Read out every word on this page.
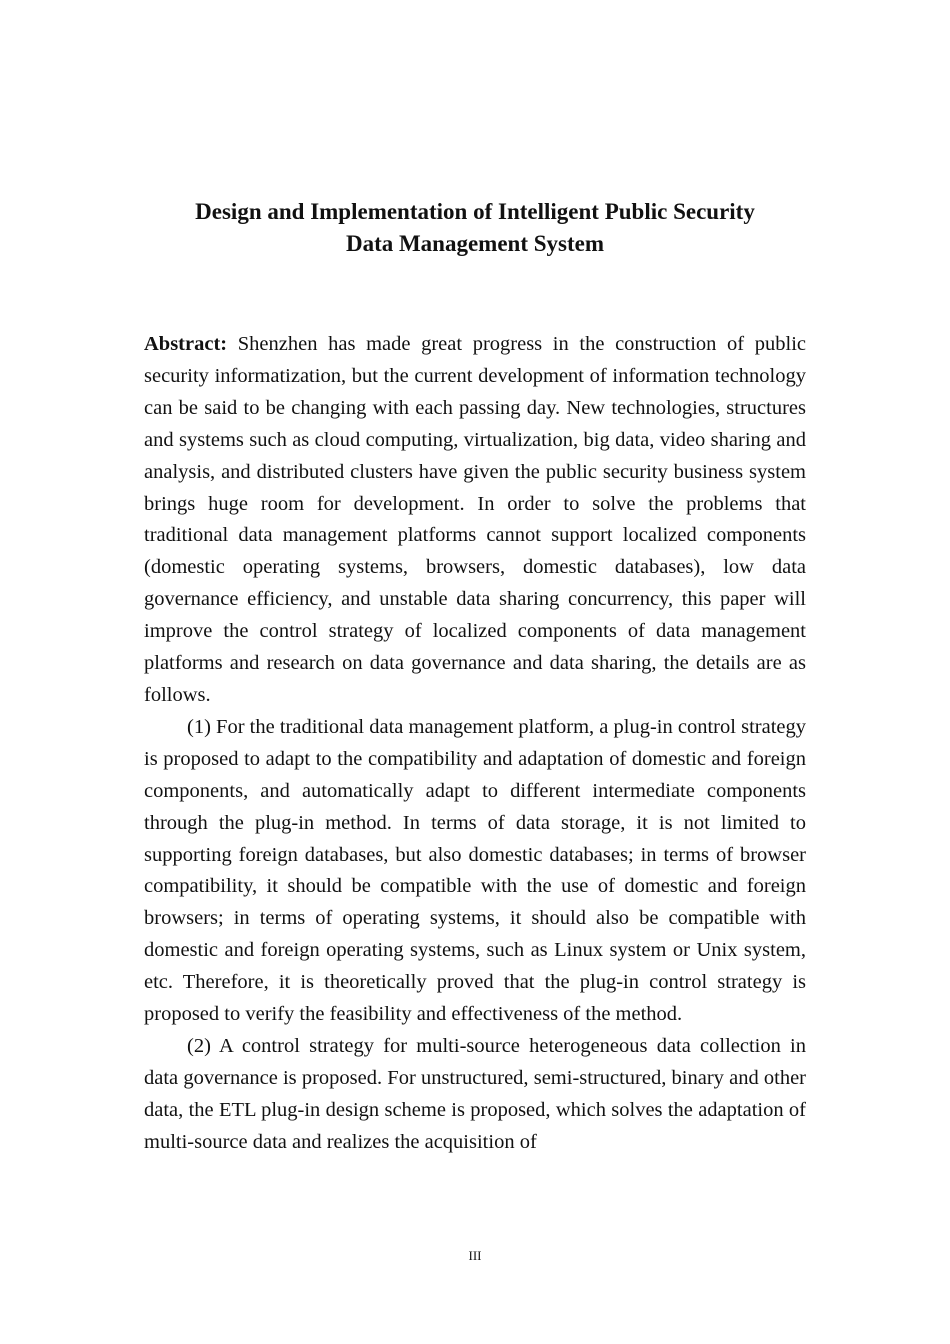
Design and Implementation of Intelligent Public Security
Data Management System

Abstract: Shenzhen has made great progress in the construction of public security informatization, but the current development of information technology can be said to be changing with each passing day. New technologies, structures and systems such as cloud computing, virtualization, big data, video sharing and analysis, and distributed clusters have given the public security business system brings huge room for development. In order to solve the problems that traditional data management platforms cannot support localized components (domestic operating systems, browsers, domestic databases), low data governance efficiency, and unstable data sharing concurrency, this paper will improve the control strategy of localized components of data management platforms and research on data governance and data sharing, the details are as follows.

(1) For the traditional data management platform, a plug-in control strategy is proposed to adapt to the compatibility and adaptation of domestic and foreign components, and automatically adapt to different intermediate components through the plug-in method. In terms of data storage, it is not limited to supporting foreign databases, but also domestic databases; in terms of browser compatibility, it should be compatible with the use of domestic and foreign browsers; in terms of operating systems, it should also be compatible with domestic and foreign operating systems, such as Linux system or Unix system, etc. Therefore, it is theoretically proved that the plug-in control strategy is proposed to verify the feasibility and effectiveness of the method.

(2) A control strategy for multi-source heterogeneous data collection in data governance is proposed. For unstructured, semi-structured, binary and other data, the ETL plug-in design scheme is proposed, which solves the adaptation of multi-source data and realizes the acquisition of

III
